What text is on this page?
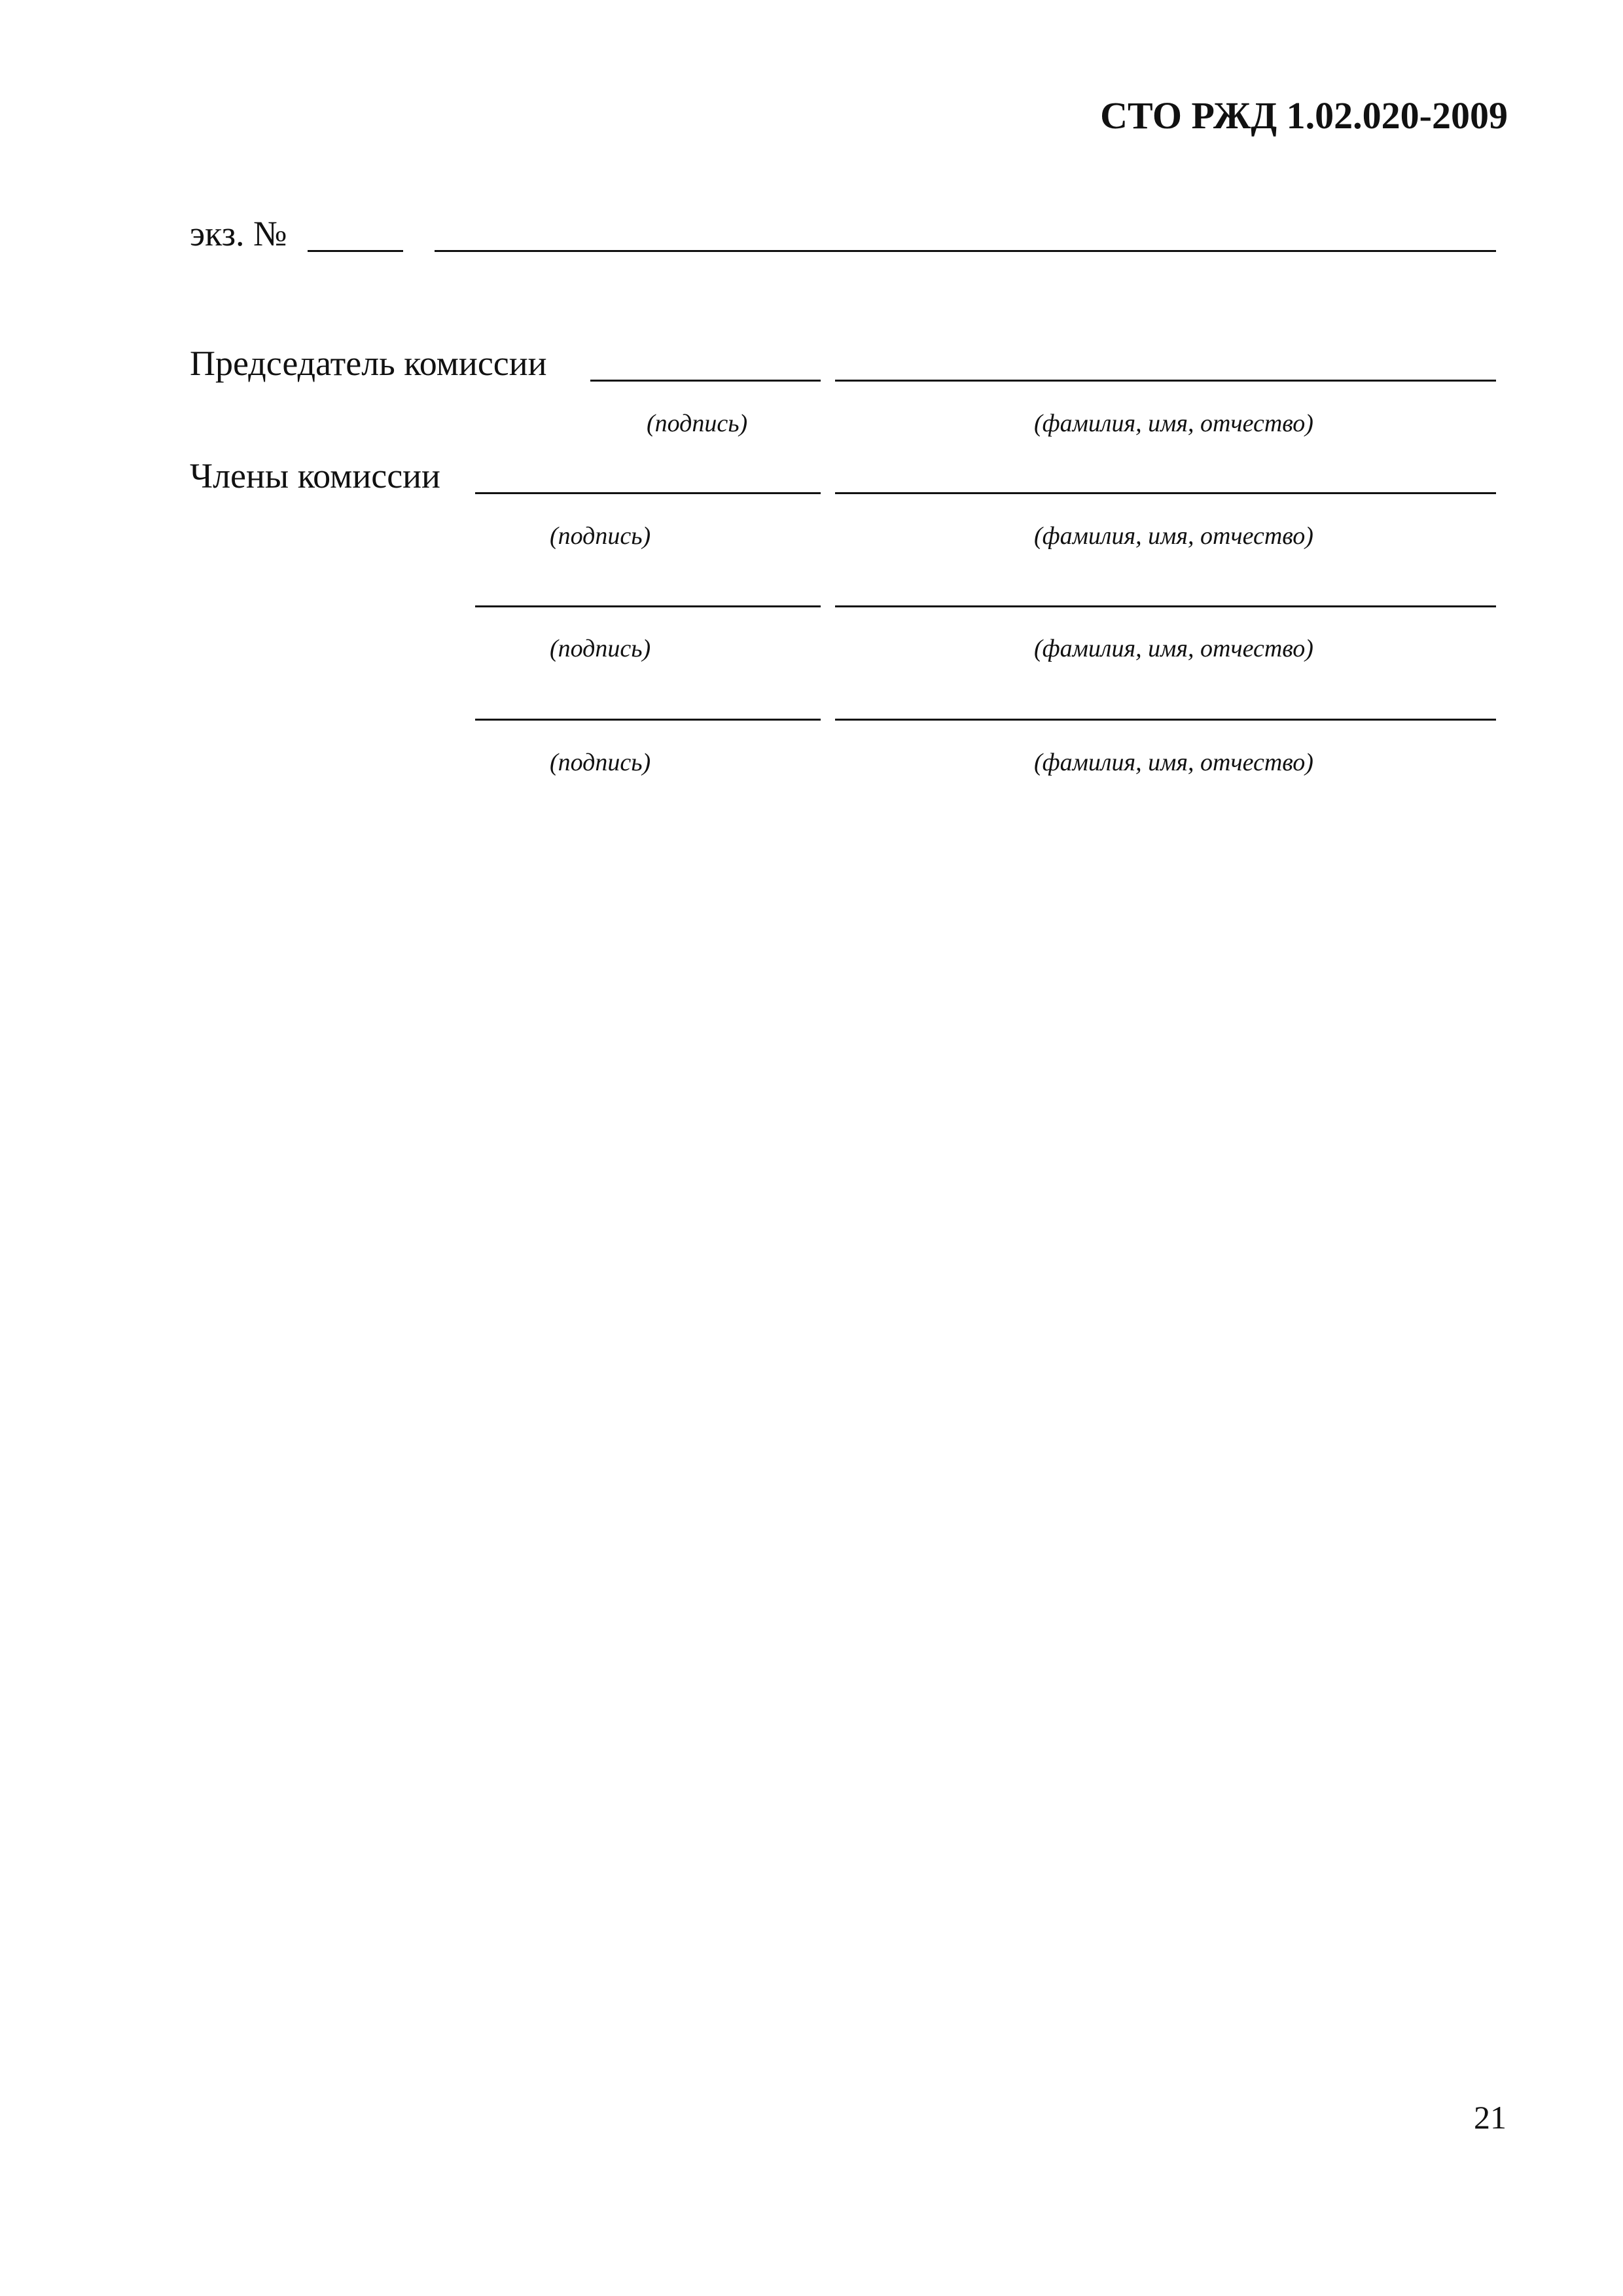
СТО РЖД 1.02.020-2009
экз. №
Председатель комиссии
(подпись)	(фамилия, имя, отчество)
Члены комиссии
(подпись)	(фамилия, имя, отчество)
(подпись)	(фамилия, имя, отчество)
(подпись)	(фамилия, имя, отчество)
21
